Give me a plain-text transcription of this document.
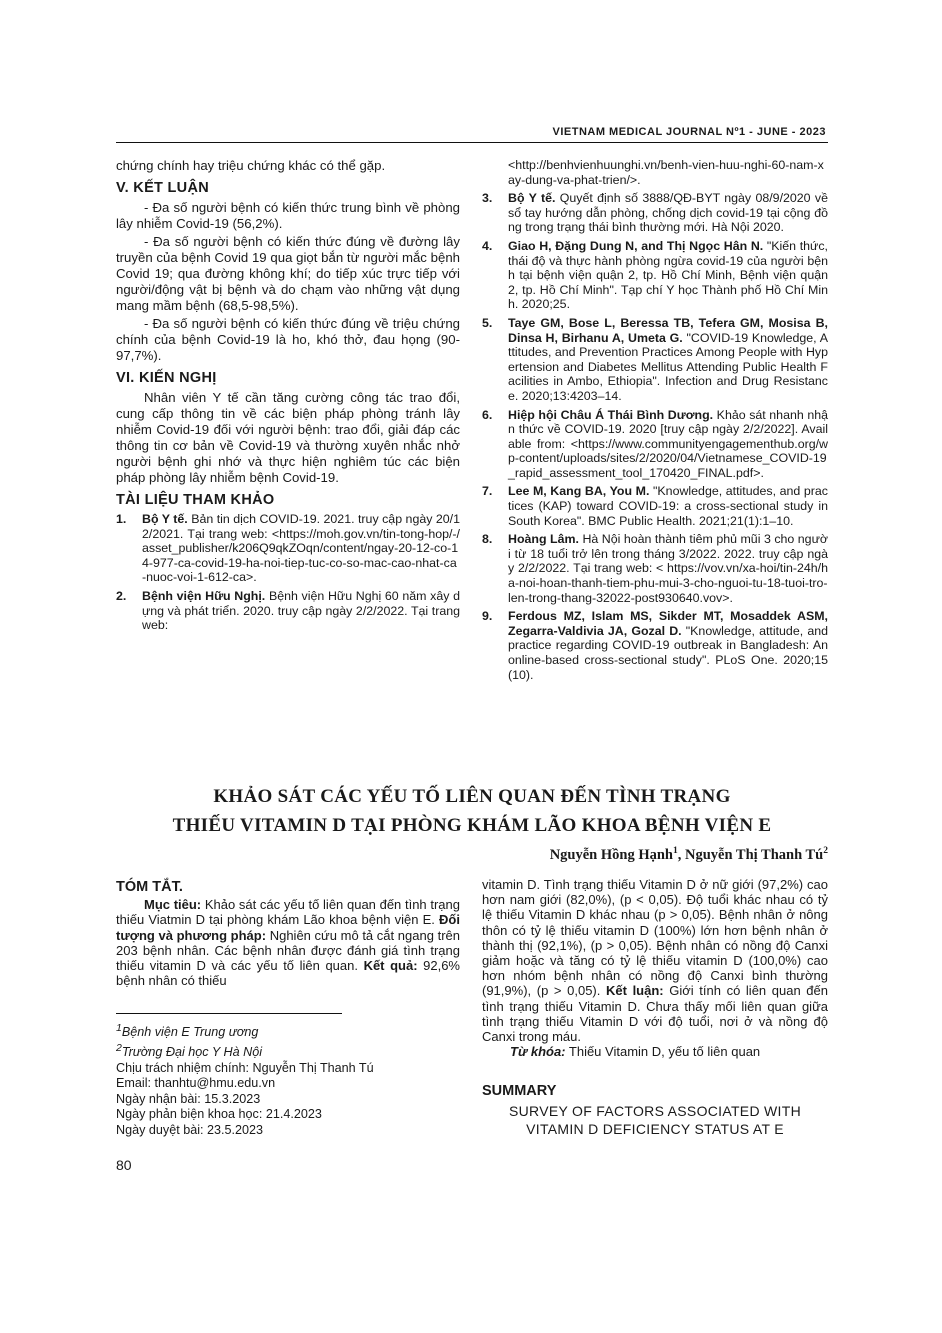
VIETNAM MEDICAL JOURNAL Nº1 - JUNE - 2023

chứng chính hay triệu chứng khác có thể gặp.

V. KẾT LUẬN

- Đa số người bệnh có kiến thức trung bình về phòng lây nhiễm Covid-19 (56,2%).

- Đa số người bệnh có kiến thức đúng về đường lây truyền của bệnh Covid 19 qua giọt bắn từ người mắc bệnh Covid 19; qua đường không khí; do tiếp xúc trực tiếp với người/động vật bị bệnh và do chạm vào những vật dụng mang mầm bệnh (68,5-98,5%).

- Đa số người bệnh có kiến thức đúng về triệu chứng chính của bệnh Covid-19 là ho, khó thở, đau họng (90-97,7%).

VI. KIẾN NGHỊ

Nhân viên Y tế cần tăng cường công tác trao đổi, cung cấp thông tin về các biện pháp phòng tránh lây nhiễm Covid-19 đối với người bệnh: trao đổi, giải đáp các thông tin cơ bản về Covid-19 và thường xuyên nhắc nhở người bệnh ghi nhớ và thực hiện nghiêm túc các biện pháp phòng lây nhiễm bệnh Covid-19.

TÀI LIỆU THAM KHẢO
1. Bộ Y tế. Bản tin dịch COVID-19. 2021. truy cập ngày 20/12/2021. Tại trang web: <https://moh.gov.vn/tin-tong-hop/-/asset_publisher/k206Q9qkZOqn/content/ngay-20-12-co-14-977-ca-covid-19-ha-noi-tiep-tuc-co-so-mac-cao-nhat-ca-nuoc-voi-1-612-ca>.
2. Bệnh viện Hữu Nghị. Bệnh viện Hữu Nghị 60 năm xây dựng và phát triển. 2020. truy cập ngày 2/2/2022. Tại trang web:

<http://benhvienhuunghi.vn/benh-vien-huu-nghi-60-nam-xay-dung-va-phat-trien/>.

3. Bộ Y tế. Quyết định số 3888/QĐ-BYT ngày 08/9/2020 về sổ tay hướng dẫn phòng, chống dịch covid-19 tại cộng đồng trong trạng thái bình thường mới. Hà Nội 2020.
4. Giao H, Đặng Dung N, and Thị Ngọc Hân N. "Kiến thức, thái độ và thực hành phòng ngừa covid-19 của người bệnh tại bệnh viện quận 2, tp. Hồ Chí Minh, Bệnh viện quận 2, tp. Hồ Chí Minh". Tạp chí Y học Thành phố Hồ Chí Minh. 2020;25.
5. Taye GM, Bose L, Beressa TB, Tefera GM, Mosisa B, Dinsa H, Birhanu A, Umeta G. "COVID-19 Knowledge, Attitudes, and Prevention Practices Among People with Hypertension and Diabetes Mellitus Attending Public Health Facilities in Ambo, Ethiopia". Infection and Drug Resistance. 2020;13:4203–14.
6. Hiệp hội Châu Á Thái Bình Dương. Khảo sát nhanh nhận thức về COVID-19. 2020 [truy cập ngày 2/2/2022]. Available from: <https://www.communityengagementhub.org/wp-content/uploads/sites/2/2020/04/Vietnamese_COVID-19_rapid_assessment_tool_170420_FINAL.pdf>.
7. Lee M, Kang BA, You M. "Knowledge, attitudes, and practices (KAP) toward COVID-19: a cross-sectional study in South Korea". BMC Public Health. 2021;21(1):1–10.
8. Hoàng Lâm. Hà Nội hoàn thành tiêm phủ mũi 3 cho người từ 18 tuổi trở lên trong tháng 3/2022. 2022. truy cập ngày 2/2/2022. Tại trang web: < https://vov.vn/xa-hoi/tin-24h/ha-noi-hoan-thanh-tiem-phu-mui-3-cho-nguoi-tu-18-tuoi-tro-len-trong-thang-32022-post930640.vov>.
9. Ferdous MZ, Islam MS, Sikder MT, Mosaddek ASM, Zegarra-Valdivia JA, Gozal D. "Knowledge, attitude, and practice regarding COVID-19 outbreak in Bangladesh: An online-based cross-sectional study". PLoS One. 2020;15(10).
KHẢO SÁT CÁC YẾU TỐ LIÊN QUAN ĐẾN TÌNH TRẠNG
THIẾU VITAMIN D TẠI PHÒNG KHÁM LÃO KHOA BỆNH VIỆN E
Nguyễn Hồng Hạnh$^1$, Nguyễn Thị Thanh $Tú^2$
TÓM TẮT.

Mục tiêu: Khảo sát các yếu tố liên quan đến tình trạng thiếu Viatmin D tại phòng khám Lão khoa bệnh viện E. Đối tượng và phương pháp: Nghiên cứu mô tả cắt ngang trên 203 bệnh nhân. Các bệnh nhân được đánh giá tình trạng thiếu vitamin D và các yếu tố liên quan. Kết quả: 92,6% bệnh nhân có thiếu

vitamin D. Tình trạng thiếu Vitamin D ở nữ giới (97,2%) cao hơn nam giới (82,0%), (p < 0,05). Độ tuổi khác nhau có tỷ lệ thiếu Vitamin D khác nhau (p > 0,05). Bệnh nhân ở nông thôn có tỷ lệ thiếu vitamin D (100%) lớn hơn bệnh nhân ở thành thị (92,1%), (p > 0,05). Bệnh nhân có nồng độ Canxi giảm hoặc và tăng có tỷ lệ thiếu vitamin D (100,0%) cao hơn nhóm bệnh nhân có nồng độ Canxi bình thường (91,9%), (p > 0,05). Kết luận: Giới tính có liên quan đến tình trạng thiếu Vitamin D. Chưa thấy mối liên quan giữa tình trạng thiếu Vitamin D với độ tuổi, nơi ở và nồng độ Canxi trong máu.

Từ khóa: Thiếu Vitamin D, yếu tố liên quan

$^1$Bệnh viện E Trung ương
$^2$Trường Đại học Y Hà Nội
Chịu trách nhiệm chính: Nguyễn Thị Thanh Tú
Email: thanhtu@hmu.edu.vn
Ngày nhận bài: 15.3.2023
Ngày phản biện khoa học: 21.4.2023
Ngày duyệt bài: 23.5.2023
SUMMARY
SURVEY OF FACTORS ASSOCIATED WITH
VITAMIN D DEFICIENCY STATUS AT E
80
